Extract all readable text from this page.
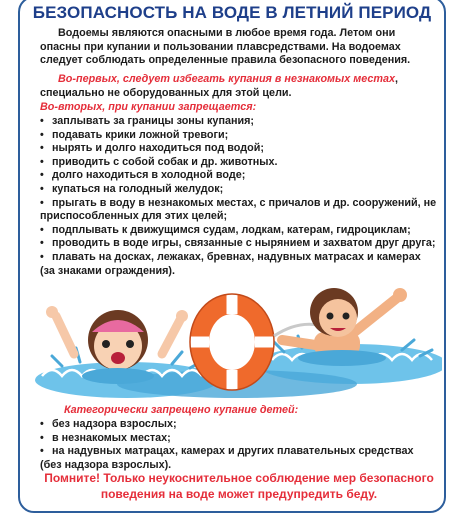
БЕЗОПАСНОСТЬ НА ВОДЕ В ЛЕТНИЙ ПЕРИОД

Водоемы являются опасными в любое время года. Летом они опасны при купании и пользовании плавсредствами. На водоемах следует соблюдать определенные правила безопасного поведения.

Во-первых, следует избегать купания в незнакомых местах, специально не оборудованных для этой цели.

Во-вторых, при купании запрещается:

• заплывать за границы зоны купания;
• подавать крики ложной тревоги;
• нырять и долго находиться под водой;
• приводить с собой собак и др. животных.
• долго находиться в холодной воде;
• купаться на голодный желудок;
• прыгать в воду в незнакомых местах, с причалов и др. сооружений, не приспособленных для этих целей;
• подплывать к движущимся судам, лодкам, катерам, гидроциклам;
• проводить в воде игры, связанные с нырянием и захватом друг друга;
• плавать на досках, лежаках, бревнах, надувных матрасах и камерах (за знаками ограждения).

Категорически запрещено купание детей:

• без надзора взрослых;
• в незнакомых местах;
• на надувных матрацах, камерах и других плавательных средствах (без надзора взрослых).

Помните! Только неукоснительное соблюдение мер безопасного поведения на воде может предупредить беду.
